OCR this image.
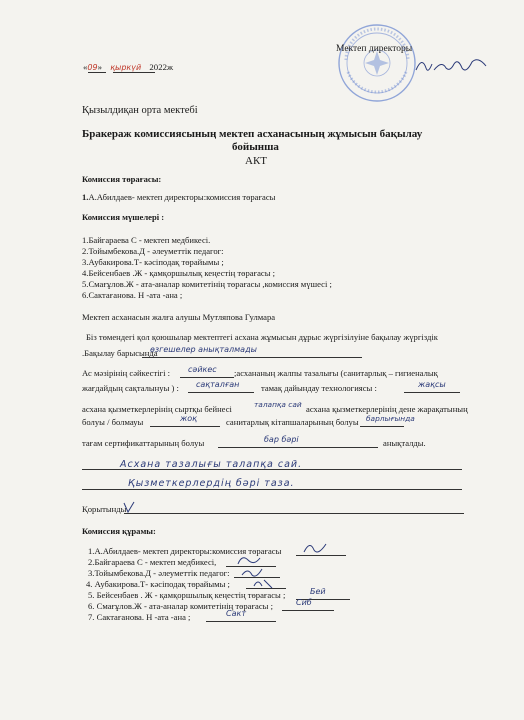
Мектеп директоры
«09» қыркүй 2022ж
Қызылдиқан орта мектебі
Бракераж комиссиясының мектеп асханасының жұмысын бақылау
бойынша
АКТ
Комиссия төрағасы:
1.А.Абилдаев- мектеп директоры:комиссия төрағасы
Комиссия мүшелері :
1.Байгараева С - мектеп медбикесі.
2.Тойымбекова.Д - әлеуметтік педагог:
3.Аубакирова.Т- кәсіподақ төрайымы ;
4.Бейсенбаев .Ж - қамқоршылық кеңестің төрағасы ;
5.Смағұлов.Ж - ата-аналар комитетінің төрағасы ,комиссия мүшесі ;
6.Сактағанова. Н -ата -ана ;
Мектеп асханасын жалға алушы Мутляпова Гулмара
Біз төмендегі қол қоюшылар мектептегі асхана жұмысын дұрыс жүргізілуіне бақылау жүргіздік
.Бақылау барысында
өзгешелер анықталмады
Ас мәзірінің сәйкестігі : сәйкес ;асхананың жалпы тазалығы (санитарлық – гигиеналық
жағдайдың сақталынуы ) : сақталған	тамақ дайындау технологиясы :	жақсы
асхана қызметкерлерінің сыртқы бейнесі	талапқа сай асхана қызметкерлерінің дене жарақатының
болуы / болмауы	жоқ	санитарлық кітапшаларының болуы барлығында
тағам сертификаттарының болуы	бар бәрі	анықталды.
Асхана тазалығы талапқа сай.
Қызметкерлердің бәрі таза.
Қорытынды
Комиссия құрамы:
1.А.Абилдаев- мектеп директоры:комиссия төрағасы
2.Байгараева С - мектеп медбикесі,
3.Тойымбекова.Д - әлеуметтік педагог:
4. Аубакирова.Т- кәсіподақ төрайымы ;
5. Бейсенбаев . Ж - қамқоршылық кеңестің төрағасы ;	Бей
6. Смағұлов.Ж - ата-аналар комитетінің төрағасы ;	Сиб
7. Сактағанова. Н -ата -ана ;	Сакт
